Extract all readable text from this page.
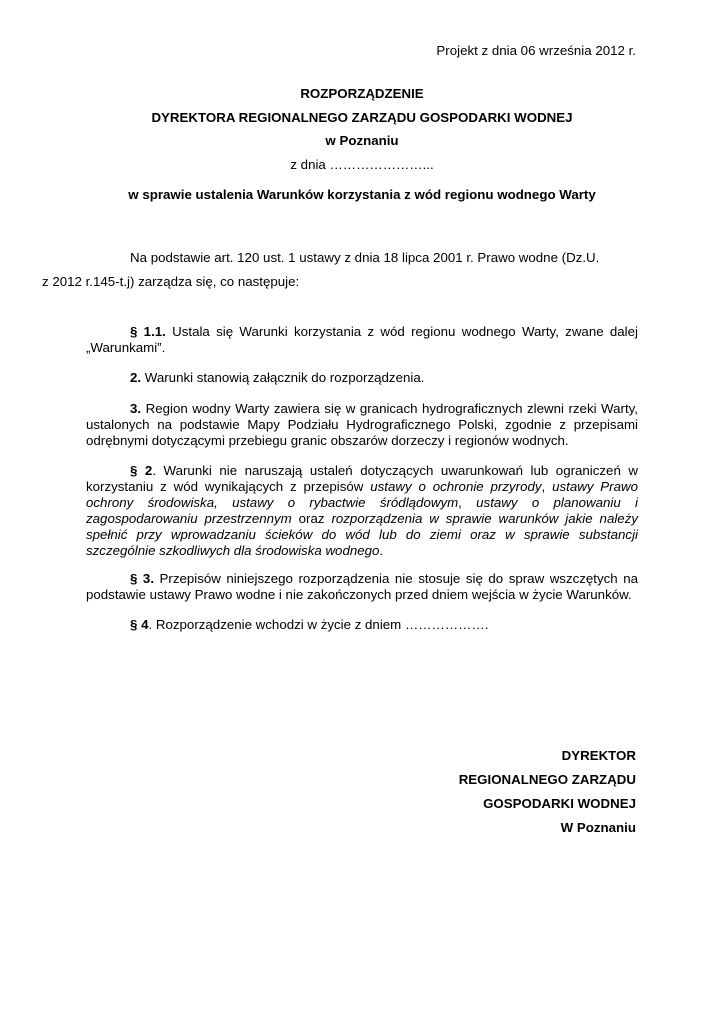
Projekt z dnia 06 września 2012 r.
ROZPORZĄDZENIE
DYREKTORA REGIONALNEGO ZARZĄDU GOSPODARKI WODNEJ
w Poznaniu
z dnia …………………...
w sprawie ustalenia Warunków korzystania z wód regionu wodnego Warty
Na podstawie art. 120 ust. 1 ustawy z dnia 18 lipca 2001 r. Prawo wodne (Dz.U.
z 2012 r.145-t.j) zarządza się, co następuje:
§ 1.1. Ustala się Warunki korzystania z wód regionu wodnego Warty, zwane dalej „Warunkami”.
2. Warunki stanowią załącznik do rozporządzenia.
3. Region wodny Warty zawiera się w granicach hydrograficznych zlewni rzeki Warty, ustalonych na podstawie Mapy Podziału Hydrograficznego Polski, zgodnie z przepisami odrębnymi dotyczącymi przebiegu granic obszarów dorzeczy i regionów wodnych.
§ 2. Warunki nie naruszają ustaleń dotyczących uwarunkowań lub ograniczeń w korzystaniu z wód wynikających z przepisów ustawy o ochronie przyrody, ustawy Prawo ochrony środowiska, ustawy o rybactwie śródlądowym, ustawy o planowaniu i zagospodarowaniu przestrzennym oraz rozporządzenia w sprawie warunków jakie należy spełnić przy wprowadzaniu ścieków do wód lub do ziemi oraz w sprawie substancji szczególnie szkodliwych dla środowiska wodnego.
§ 3. Przepisów niniejszego rozporządzenia nie stosuje się do spraw wszczętych na podstawie ustawy Prawo wodne i nie zakończonych przed dniem wejścia w życie Warunków.
§ 4. Rozporządzenie wchodzi w życie z dniem ……………….
DYREKTOR
REGIONALNEGO ZARZĄDU
GOSPODARKI WODNEJ
W Poznaniu
